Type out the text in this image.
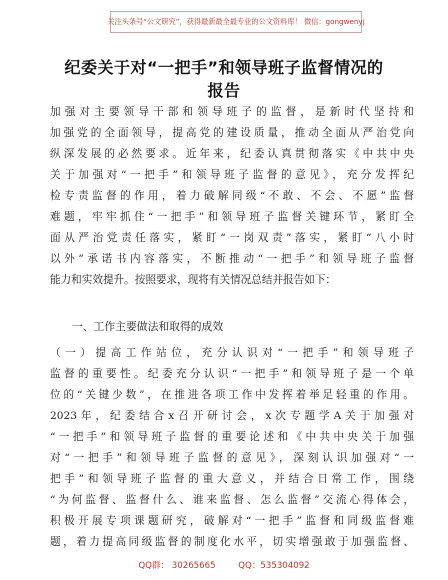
关注头条号“公文研究”，获得最新最全最专业的公文资料库！ 微信：gongwenyj
纪委关于对“一把手”和领导班子监督情况的
报告
加强对主要领导干部和领导班子的监督，是新时代坚持和
加强党的全面领导，提高党的建设质量，推动全面从严治党向
纵深发展的必然要求。近年来，纪委认真贯彻落实《中共中央
关于加强对“一把手”和领导班子监督的意见》，充分发挥纪
检专责监督的作用，着力破解同级“不敢、不会、不愿”监督
难题，牢牢抓住“一把手”和领导班子监督关键环节，紧盯全
面从严治党责任落实，紧盯“一岗双责”落实，紧盯“八小时
以外”承诺书内容落实，不断推动“一把手”和领导班子监督
能力和实效提升。按照要求，现将有关情况总结并报告如下：
一、工作主要做法和取得的成效
（一）提高工作站位，充分认识对“一把手”和领导班子
监督的重要性。纪委充分认识“一把手”和领导班子是一个单
位的“关键少数”，在推进各项工作中发挥着举足轻重的作用。
2023年，纪委结合x召开研讨会，x次专题学A关于加强对
“一把手”和领导班子监督的重要论述和《中共中央关于加强
对“一把手”和领导班子监督的意见》，深刻认识加强对“一
把手”和领导班子监督的重大意义，并结合日常工作，围绕
“为何监督、监督什么、谁来监督、怎么监督”交流心得体会，
积极开展专项课题研究，破解对“一把手”监督和同级监督难
题，着力提高同级监督的制度化水平，切实增强敢于加强监督、
QQ群： 30265665	QQ：535304092
